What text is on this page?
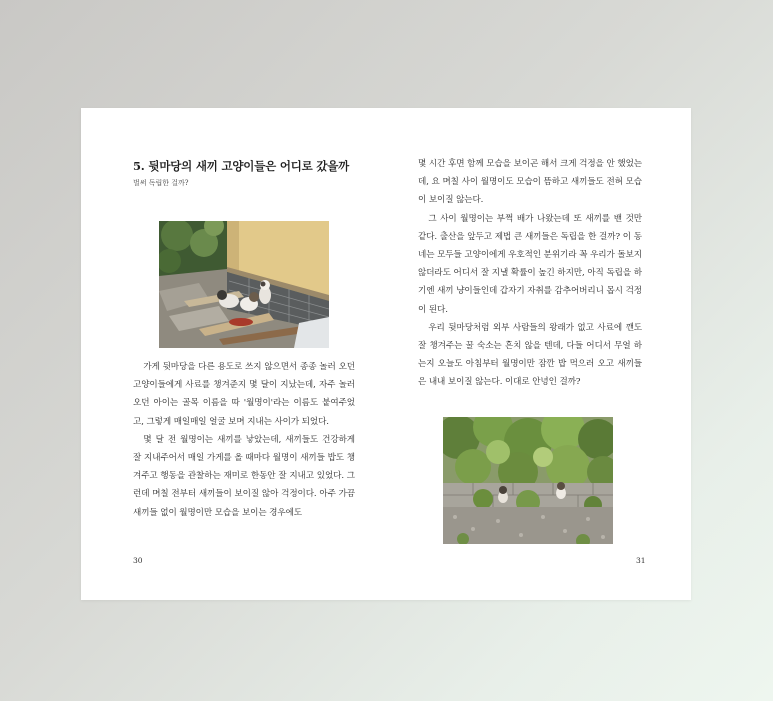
5. 뒷마당의 새끼 고양이들은 어디로 갔을까
벌써 독립한 걸까?

가게 뒷마당을 다른 용도로 쓰지 않으면서 종종 놀러 오던 고양이들에게 사료를 챙겨준지 몇 달이 지났는데, 자주 놀러 오던 아이는 골목 이름을 따 '월명이'라는 이름도 붙여주었고, 그렇게 매일매일 얼굴 보며 지내는 사이가 되었다.

몇 달 전 월명이는 새끼를 낳았는데, 새끼들도 건강하게 잘 지내주어서 매일 가게를 올 때마다 월명이 새끼들 밥도 챙겨주고 행동을 관찰하는 재미로 한동안 잘 지내고 있었다. 그런데 며칠 전부터 새끼들이 보이질 않아 걱정이다. 아주 가끔 새끼들 없이 월명이만 모습을 보이는 경우에도

30

몇 시간 후면 함께 모습을 보이곤 해서 크게 걱정을 안 했었는데, 요 며칠 사이 월명이도 모습이 뜸하고 새끼들도 전혀 모습이 보이질 않는다.

그 사이 월명이는 부쩍 배가 나왔는데 또 새끼를 밴 것만 같다. 출산을 앞두고 제법 큰 새끼들은 독립을 한 걸까? 이 동네는 모두들 고양이에게 우호적인 분위기라 꼭 우리가 돌보지 않더라도 어디서 잘 지낼 확률이 높긴 하지만, 아직 독립을 하기엔 새끼 냥이들인데 갑자기 자취를 감추어버리니 몹시 걱정이 된다.

우리 뒷마당처럼 외부 사람들의 왕래가 없고 사료에 깬도 잘 챙겨주는 꿀 숙소는 흔치 않을 텐데, 다들 어디서 무얼 하는지 오늘도 아침부터 월명이만 잠깐 밥 먹으러 오고 새끼들은 내내 보이질 않는다. 이대로 안녕인 걸까?

31
